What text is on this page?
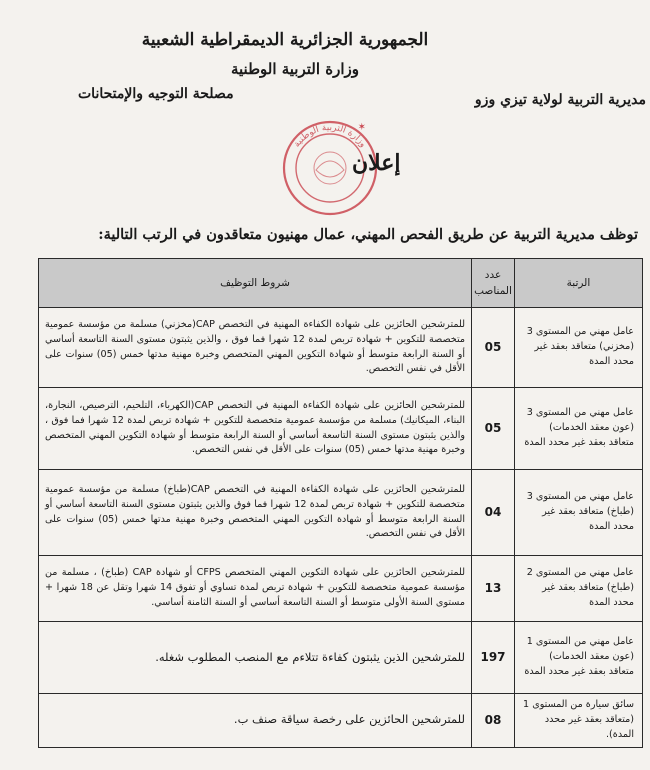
الجمهورية الجزائرية الديمقراطية الشعبية
وزارة التربية الوطنية
مديرية التربية لولاية تيزي وزو
مصلحة التوجيه والإمتحانات
وزارة التربية الوطنية
✶
إعلان
توظف مديرية التربية عن طريق الفحص المهني، عمال مهنيون متعاقدون في الرتب التالية:
الرتبة	عدد المناصب	شروط التوظيف
عامل مهني من المستوى 3 (مخزني) متعاقد بعقد غير محدد المدة	05	للمترشحين الحائزين على شهادة الكفاءة المهنية في التخصص CAP(مخزني) مسلمة من مؤسسة عمومية متخصصة للتكوين + شهادة تربص لمدة 12 شهرا فما فوق ، والذين يثبتون مستوى السنة التاسعة أساسي أو السنة الرابعة متوسط أو شهادة التكوين المهني المتخصص وخبرة مهنية مدتها خمس (05) سنوات على الأقل في نفس التخصص.
عامل مهني من المستوى 3 (عون معقد الخدمات) متعاقد بعقد غير محدد المدة	05	للمترشحين الحائزين على شهادة الكفاءة المهنية في التخصص CAP(الكهرباء، التلحيم، الترصيص، النجارة، البناء، الميكانيك) مسلمة من مؤسسة عمومية متخصصة للتكوين + شهادة تربص لمدة 12 شهرا فما فوق ، والذين يثبتون مستوى السنة التاسعة أساسي أو السنة الرابعة متوسط أو شهادة التكوين المهني المتخصص وخبرة مهنية مدتها خمس (05) سنوات على الأقل في نفس التخصص.
عامل مهني من المستوى 3 (طباخ) متعاقد بعقد غير محدد المدة	04	للمترشحين الحائزين على شهادة الكفاءة المهنية في التخصص CAP(طباخ) مسلمة من مؤسسة عمومية متخصصة للتكوين + شهادة تربص لمدة 12 شهرا فما فوق والذين يثبتون مستوى السنة التاسعة أساسي أو السنة الرابعة متوسط أو شهادة التكوين المهني المتخصص وخبرة مهنية مدتها خمس (05) سنوات على الأقل في نفس التخصص.
عامل مهني من المستوى 2 (طباخ) متعاقد بعقد غير محدد المدة	13	للمترشحين الحائزين على شهادة التكوين المهني المتخصص CFPS أو شهادة CAP (طباخ) ، مسلمة من مؤسسة عمومية متخصصة للتكوين + شهادة تربص لمدة تساوي أو تفوق 14 شهرا وتقل عن 18 شهرا + مستوى السنة الأولى متوسط أو السنة التاسعة أساسي أو السنة الثامنة أساسي.
عامل مهني من المستوى 1 (عون معقد الخدمات) متعاقد بعقد غير محدد المدة	197	للمترشحين الذين يثبتون كفاءة تتلاءم مع المنصب المطلوب شغله.
سائق سيارة من المستوى 1 (متعاقد بعقد غير محدد المدة).	08	للمترشحين الحائزين على رخصة سياقة صنف ب.
